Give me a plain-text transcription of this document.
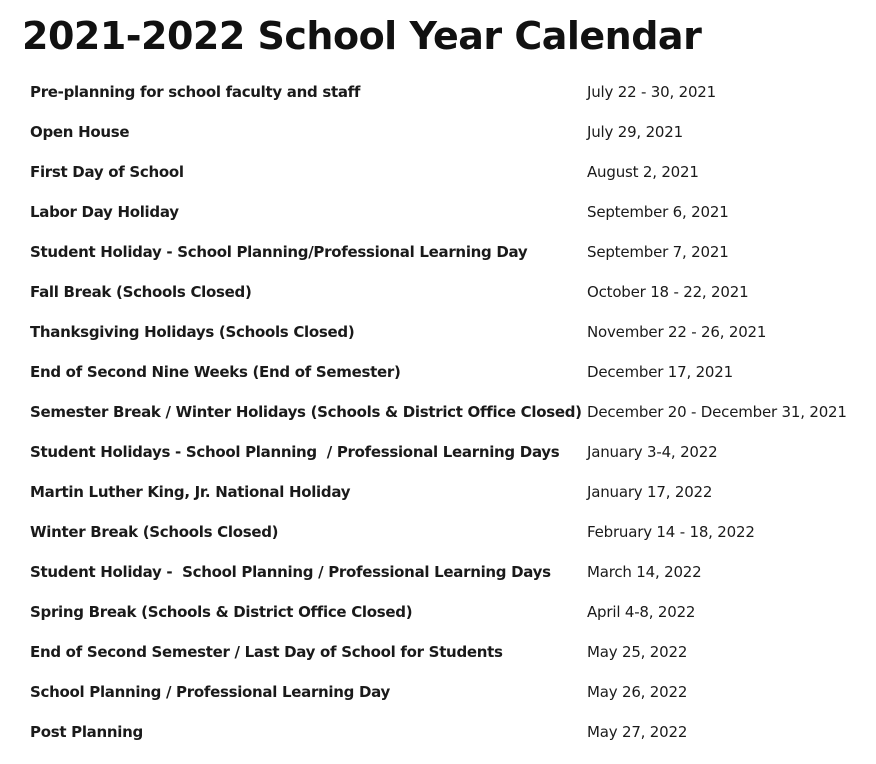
2021-2022 School Year Calendar
Pre-planning for school faculty and staff	July 22 - 30, 2021
Open House	July 29, 2021
First Day of School	August 2, 2021
Labor Day Holiday	September 6, 2021
Student Holiday - School Planning/Professional Learning Day	September 7, 2021
Fall Break (Schools Closed)	October 18 - 22, 2021
Thanksgiving Holidays (Schools Closed)	November 22 - 26, 2021
End of Second Nine Weeks (End of Semester)	December 17, 2021
Semester Break / Winter Holidays (Schools & District Office Closed) December 20 - December 31, 2021
Student Holidays - School Planning  / Professional Learning Days January 3-4, 2022
Martin Luther King, Jr. National Holiday	January 17, 2022
Winter Break (Schools Closed)	February 14 - 18, 2022
Student Holiday -  School Planning / Professional Learning Days March 14, 2022
Spring Break (Schools & District Office Closed)	April 4-8, 2022
End of Second Semester / Last Day of School for Students	May 25, 2022
School Planning / Professional Learning Day	May 26, 2022
Post Planning	May 27, 2022
